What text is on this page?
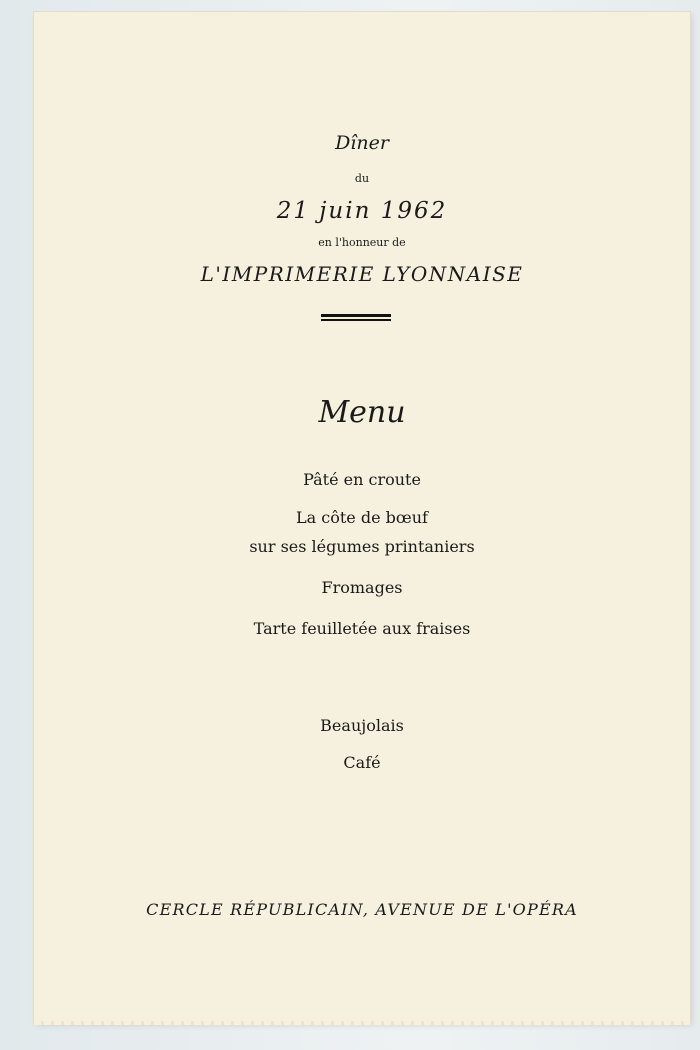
Dîner
du
21 juin 1962
en l'honneur de
L'IMPRIMERIE LYONNAISE
Menu
Pâté en croute
La côte de bœuf
sur ses légumes printaniers
Fromages
Tarte feuilletée aux fraises
Beaujolais
Café
CERCLE RÉPUBLICAIN, AVENUE DE L'OPÉRA
